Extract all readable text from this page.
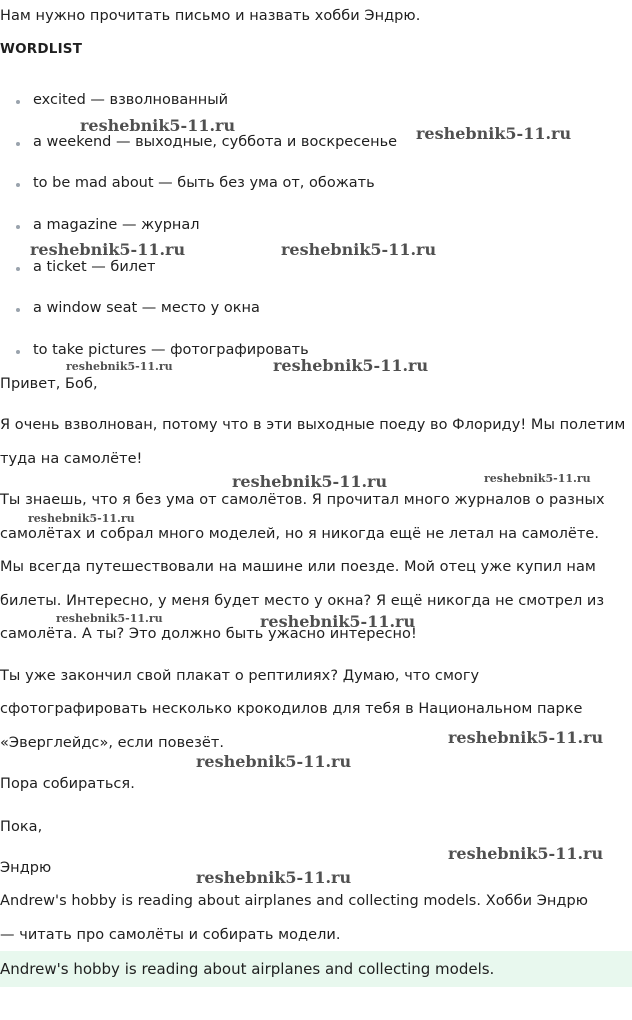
Нам нужно прочитать письмо и назвать хобби Эндрю.
WORDLIST
excited — взволнованный
a weekend — выходные, суббота и воскресенье
to be mad about — быть без ума от, обожать
a magazine — журнал
a ticket — билет
a window seat — место у окна
to take pictures — фотографировать
Привет, Боб,
Я очень взволнован, потому что в эти выходные поеду во Флориду! Мы полетим
туда на самолёте!
Ты знаешь, что я без ума от самолётов. Я прочитал много журналов о разных
самолётах и собрал много моделей, но я никогда ещё не летал на самолёте.
Мы всегда путешествовали на машине или поезде. Мой отец уже купил нам
билеты. Интересно, у меня будет место у окна? Я ещё никогда не смотрел из
самолёта. А ты? Это должно быть ужасно интересно!
Ты уже закончил свой плакат о рептилиях? Думаю, что смогу
сфотографировать несколько крокодилов для тебя в Национальном парке
«Эверглейдс», если повезёт.
Пора собираться.
Пока,
Эндрю
Andrew's hobby is reading about airplanes and collecting models. Хобби Эндрю
— читать про самолёты и собирать модели.
Andrew's hobby is reading about airplanes and collecting models.
reshebnik5-11.ru	reshebnik5-11.ru
reshebnik5-11.ru	reshebnik5-11.ru
reshebnik5-11.ru	reshebnik5-11.ru
reshebnik5-11.ru	reshebnik5-11.ru
reshebnik5-11.ru
reshebnik5-11.ru	reshebnik5-11.ru
reshebnik5-11.ru
reshebnik5-11.ru
reshebnik5-11.ru
reshebnik5-11.ru
